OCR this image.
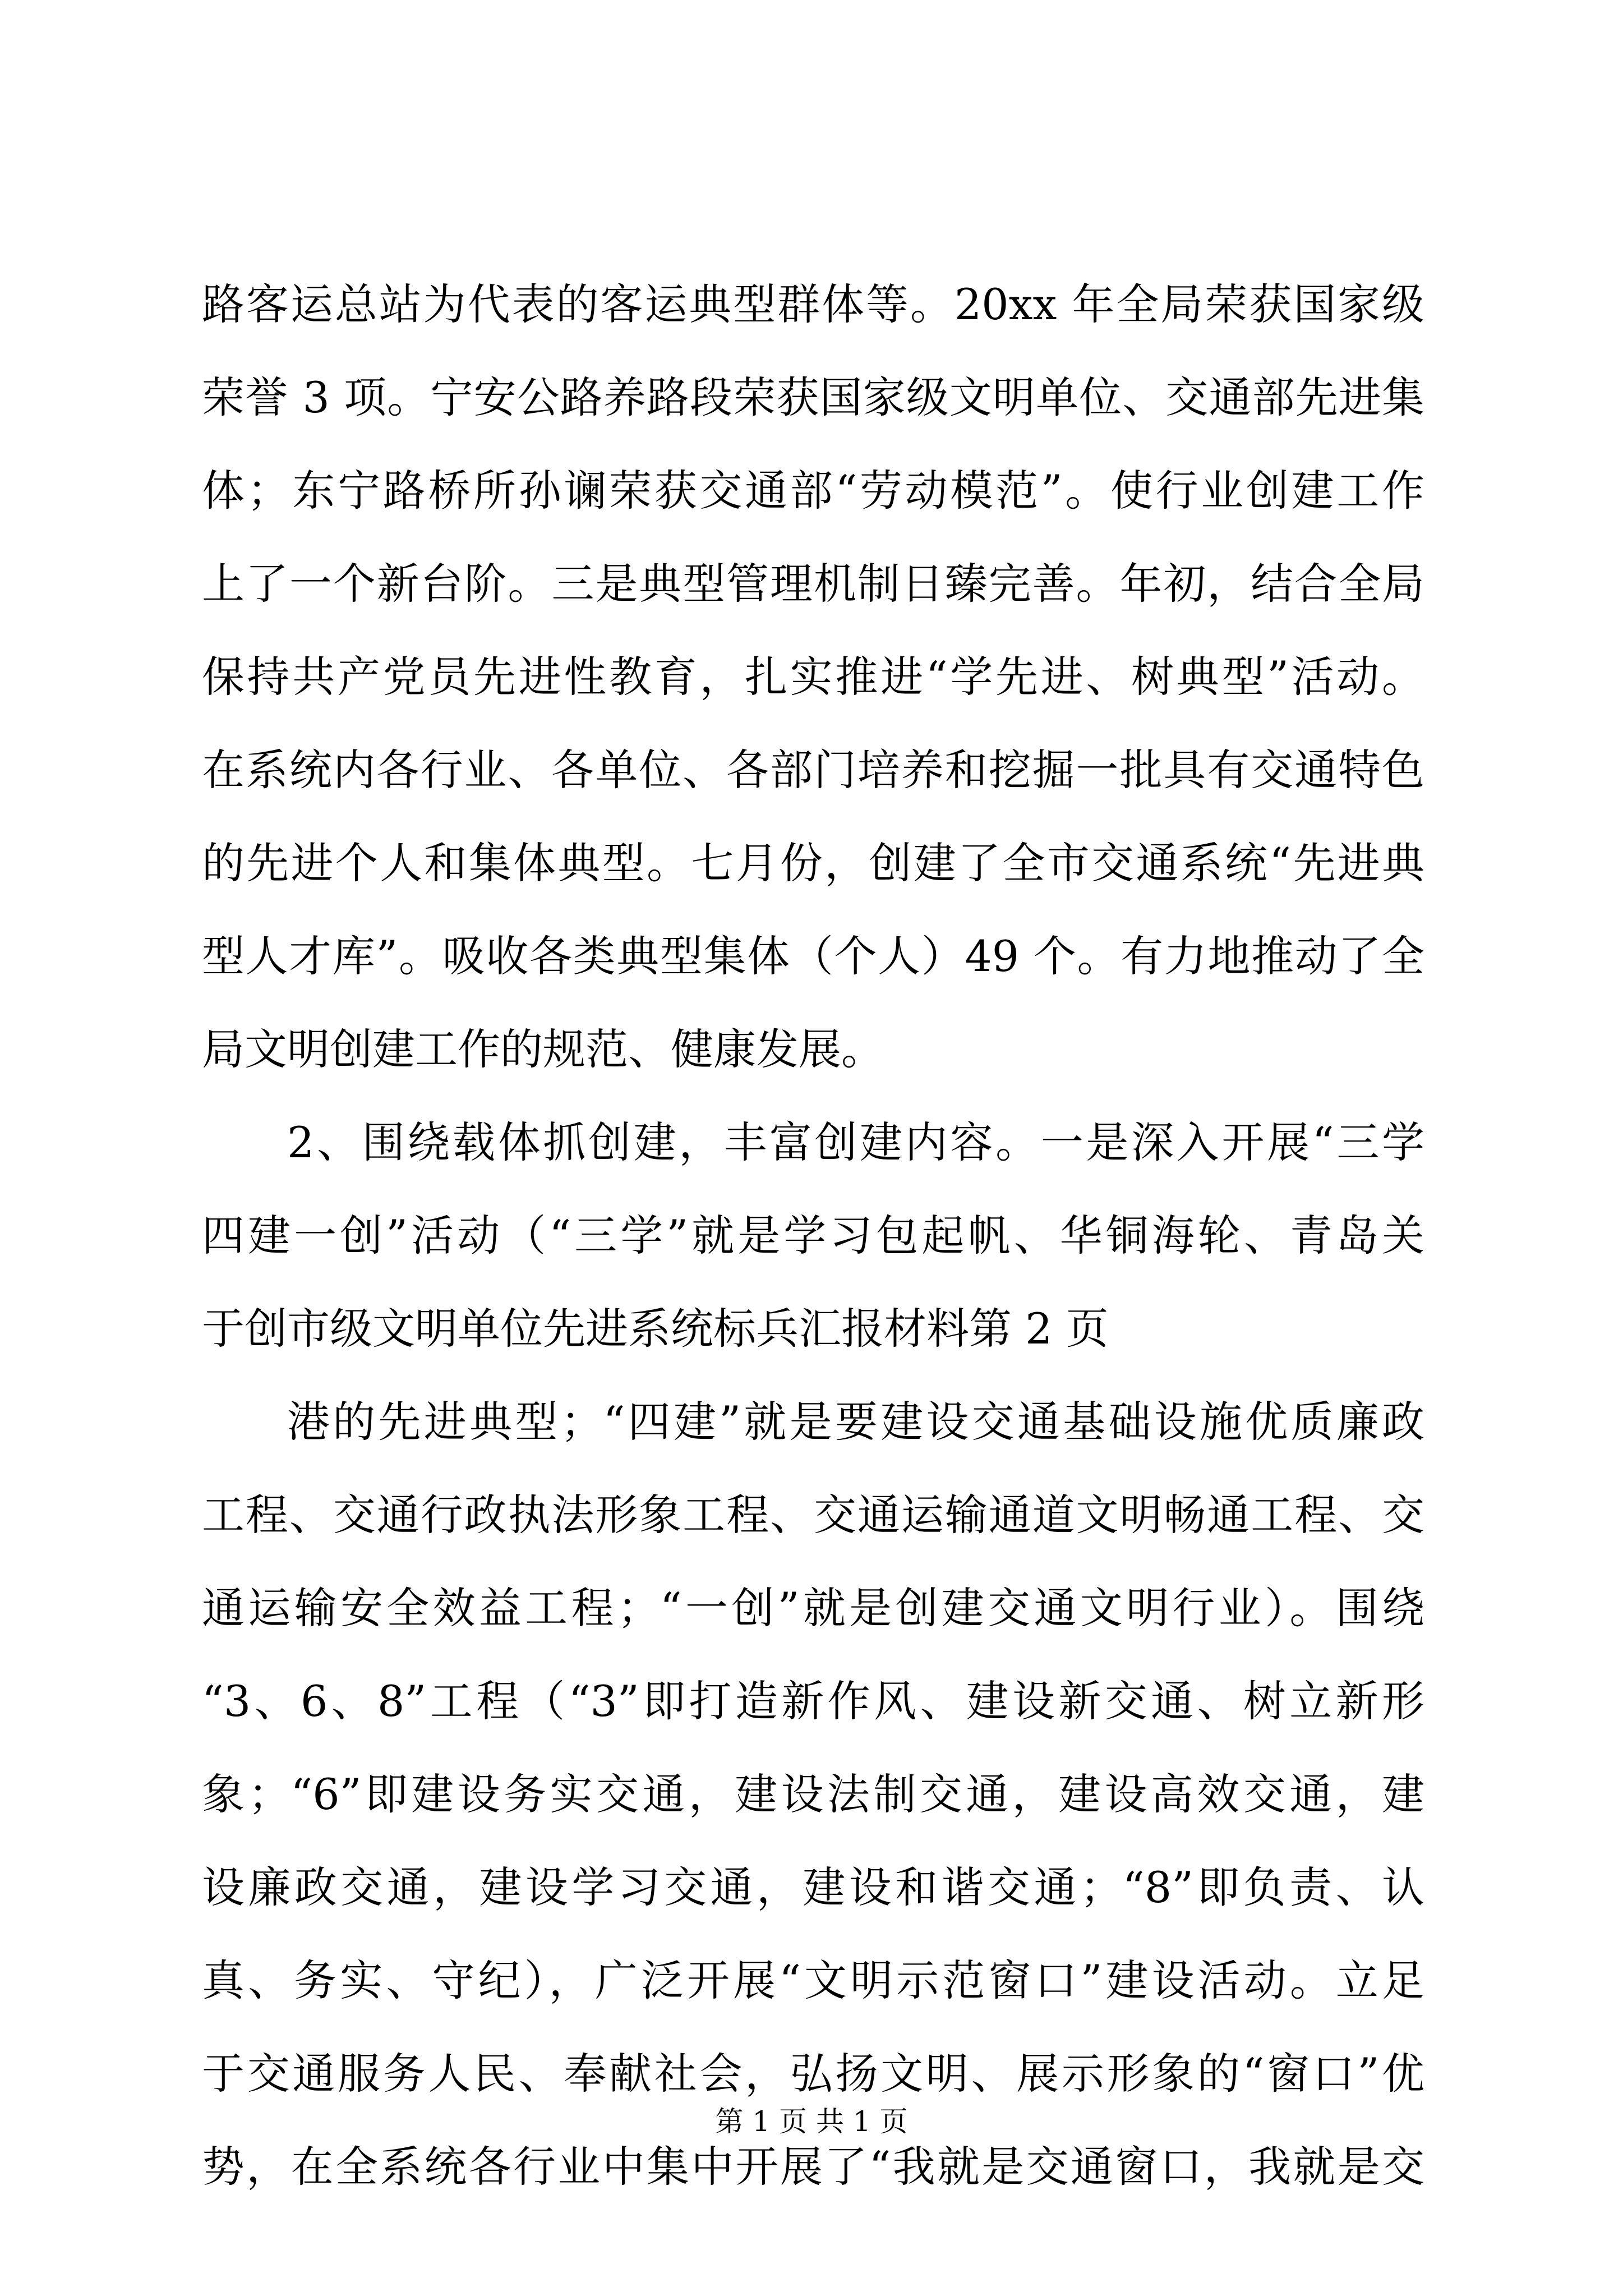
路客运总站为代表的客运典型群体等。20xx 年全局荣获国家级
荣誉 3 项。宁安公路养路段荣获国家级文明单位、交通部先进集
体；东宁路桥所孙谰荣获交通部“劳动模范”。使行业创建工作
上了一个新台阶。三是典型管理机制日臻完善。年初，结合全局
保持共产党员先进性教育，扎实推进“学先进、树典型”活动。
在系统内各行业、各单位、各部门培养和挖掘一批具有交通特色
的先进个人和集体典型。七月份，创建了全市交通系统“先进典
型人才库”。吸收各类典型集体（个人）49 个。有力地推动了全
局文明创建工作的规范、健康发展。
2、围绕载体抓创建，丰富创建内容。一是深入开展“三学
四建一创”活动（“三学”就是学习包起帆、华铜海轮、青岛关
于创市级文明单位先进系统标兵汇报材料第 2 页
港的先进典型；“四建”就是要建设交通基础设施优质廉政
工程、交通行政执法形象工程、交通运输通道文明畅通工程、交
通运输安全效益工程；“一创”就是创建交通文明行业）。围绕
“3、6、8”工程（“3”即打造新作风、建设新交通、树立新形
象；“6”即建设务实交通，建设法制交通，建设高效交通，建
设廉政交通，建设学习交通，建设和谐交通；“8”即负责、认
真、务实、守纪），广泛开展“文明示范窗口”建设活动。立足
于交通服务人民、奉献社会，弘扬文明、展示形象的“窗口”优
势，在全系统各行业中集中开展了“我就是交通窗口，我就是交
第 1 页 共 1 页
